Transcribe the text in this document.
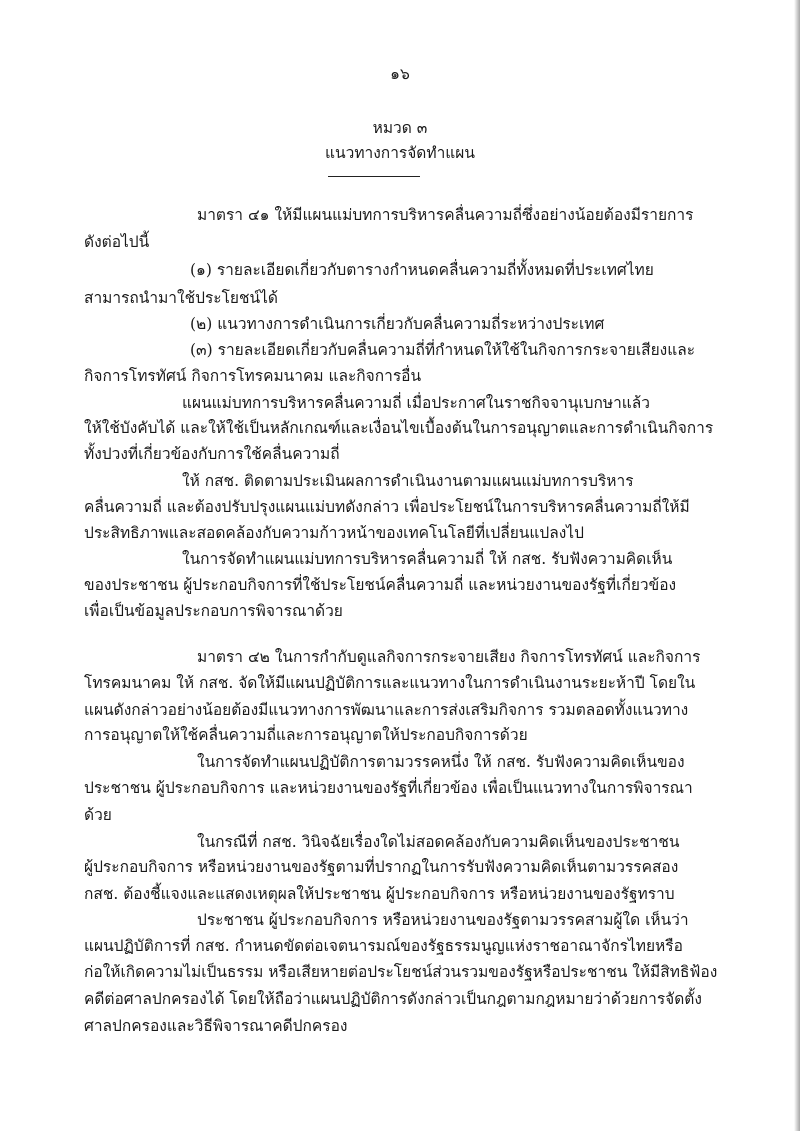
๑๖
หมวด ๓
แนวทางการจัดทำแผน
มาตรา ๔๑ ให้มีแผนแม่บทการบริหารคลื่นความถี่ซึ่งอย่างน้อยต้องมีรายการ
ดังต่อไปนี้
(๑) รายละเอียดเกี่ยวกับตารางกำหนดคลื่นความถี่ทั้งหมดที่ประเทศไทย
สามารถนำมาใช้ประโยชน์ได้
(๒) แนวทางการดำเนินการเกี่ยวกับคลื่นความถี่ระหว่างประเทศ
(๓) รายละเอียดเกี่ยวกับคลื่นความถี่ที่กำหนดให้ใช้ในกิจการกระจายเสียงและ
กิจการโทรทัศน์ กิจการโทรคมนาคม และกิจการอื่น
แผนแม่บทการบริหารคลื่นความถี่ เมื่อประกาศในราชกิจจานุเบกษาแล้ว
ให้ใช้บังคับได้ และให้ใช้เป็นหลักเกณฑ์และเงื่อนไขเบื้องต้นในการอนุญาตและการดำเนินกิจการ
ทั้งปวงที่เกี่ยวข้องกับการใช้คลื่นความถี่
ให้ กสช. ติดตามประเมินผลการดำเนินงานตามแผนแม่บทการบริหาร
คลื่นความถี่ และต้องปรับปรุงแผนแม่บทดังกล่าว เพื่อประโยชน์ในการบริหารคลื่นความถี่ให้มี
ประสิทธิภาพและสอดคล้องกับความก้าวหน้าของเทคโนโลยีที่เปลี่ยนแปลงไป
ในการจัดทำแผนแม่บทการบริหารคลื่นความถี่ ให้ กสช. รับฟังความคิดเห็น
ของประชาชน ผู้ประกอบกิจการที่ใช้ประโยชน์คลื่นความถี่ และหน่วยงานของรัฐที่เกี่ยวข้อง
เพื่อเป็นข้อมูลประกอบการพิจารณาด้วย
มาตรา ๔๒ ในการกำกับดูแลกิจการกระจายเสียง กิจการโทรทัศน์ และกิจการ
โทรคมนาคม ให้ กสช. จัดให้มีแผนปฏิบัติการและแนวทางในการดำเนินงานระยะห้าปี โดยใน
แผนดังกล่าวอย่างน้อยต้องมีแนวทางการพัฒนาและการส่งเสริมกิจการ รวมตลอดทั้งแนวทาง
การอนุญาตให้ใช้คลื่นความถี่และการอนุญาตให้ประกอบกิจการด้วย
ในการจัดทำแผนปฏิบัติการตามวรรคหนึ่ง ให้ กสช. รับฟังความคิดเห็นของ
ประชาชน ผู้ประกอบกิจการ และหน่วยงานของรัฐที่เกี่ยวข้อง เพื่อเป็นแนวทางในการพิจารณา
ด้วย
ในกรณีที่ กสช. วินิจฉัยเรื่องใดไม่สอดคล้องกับความคิดเห็นของประชาชน
ผู้ประกอบกิจการ หรือหน่วยงานของรัฐตามที่ปรากฏในการรับฟังความคิดเห็นตามวรรคสอง
กสช. ต้องชี้แจงและแสดงเหตุผลให้ประชาชน ผู้ประกอบกิจการ หรือหน่วยงานของรัฐทราบ
ประชาชน ผู้ประกอบกิจการ หรือหน่วยงานของรัฐตามวรรคสามผู้ใด เห็นว่า
แผนปฏิบัติการที่ กสช. กำหนดขัดต่อเจตนารมณ์ของรัฐธรรมนูญแห่งราชอาณาจักรไทยหรือ
ก่อให้เกิดความไม่เป็นธรรม หรือเสียหายต่อประโยชน์ส่วนรวมของรัฐหรือประชาชน ให้มีสิทธิฟ้อง
คดีต่อศาลปกครองได้ โดยให้ถือว่าแผนปฏิบัติการดังกล่าวเป็นกฎตามกฎหมายว่าด้วยการจัดตั้ง
ศาลปกครองและวิธีพิจารณาคดีปกครอง
